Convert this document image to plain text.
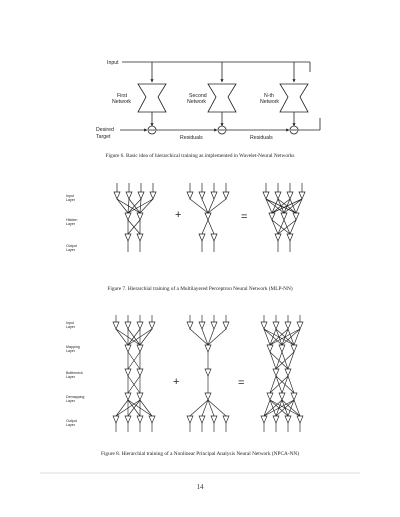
Input
First
Network
Second
Network
N-th
Network
Desired
Target	Residuals	Residuals
Input
Layer
Hidden
Layer
Output
Layer
+	=
Input
Layer
Mapping
Layer
Bottleneck
Layer
Demapping
Layer
Output
Layer
+	=
Figure 6. Basic idea of hierarchical training as implemented in Wavelet-Neural Networks
Figure 7. Hierarchial training of a Multilayered Perceptron Neural Network (MLP-NN)
Figure 8. Hierarchial training of a Nonlinear Principal Analysis Neural Network (NPCA-NN)
14
